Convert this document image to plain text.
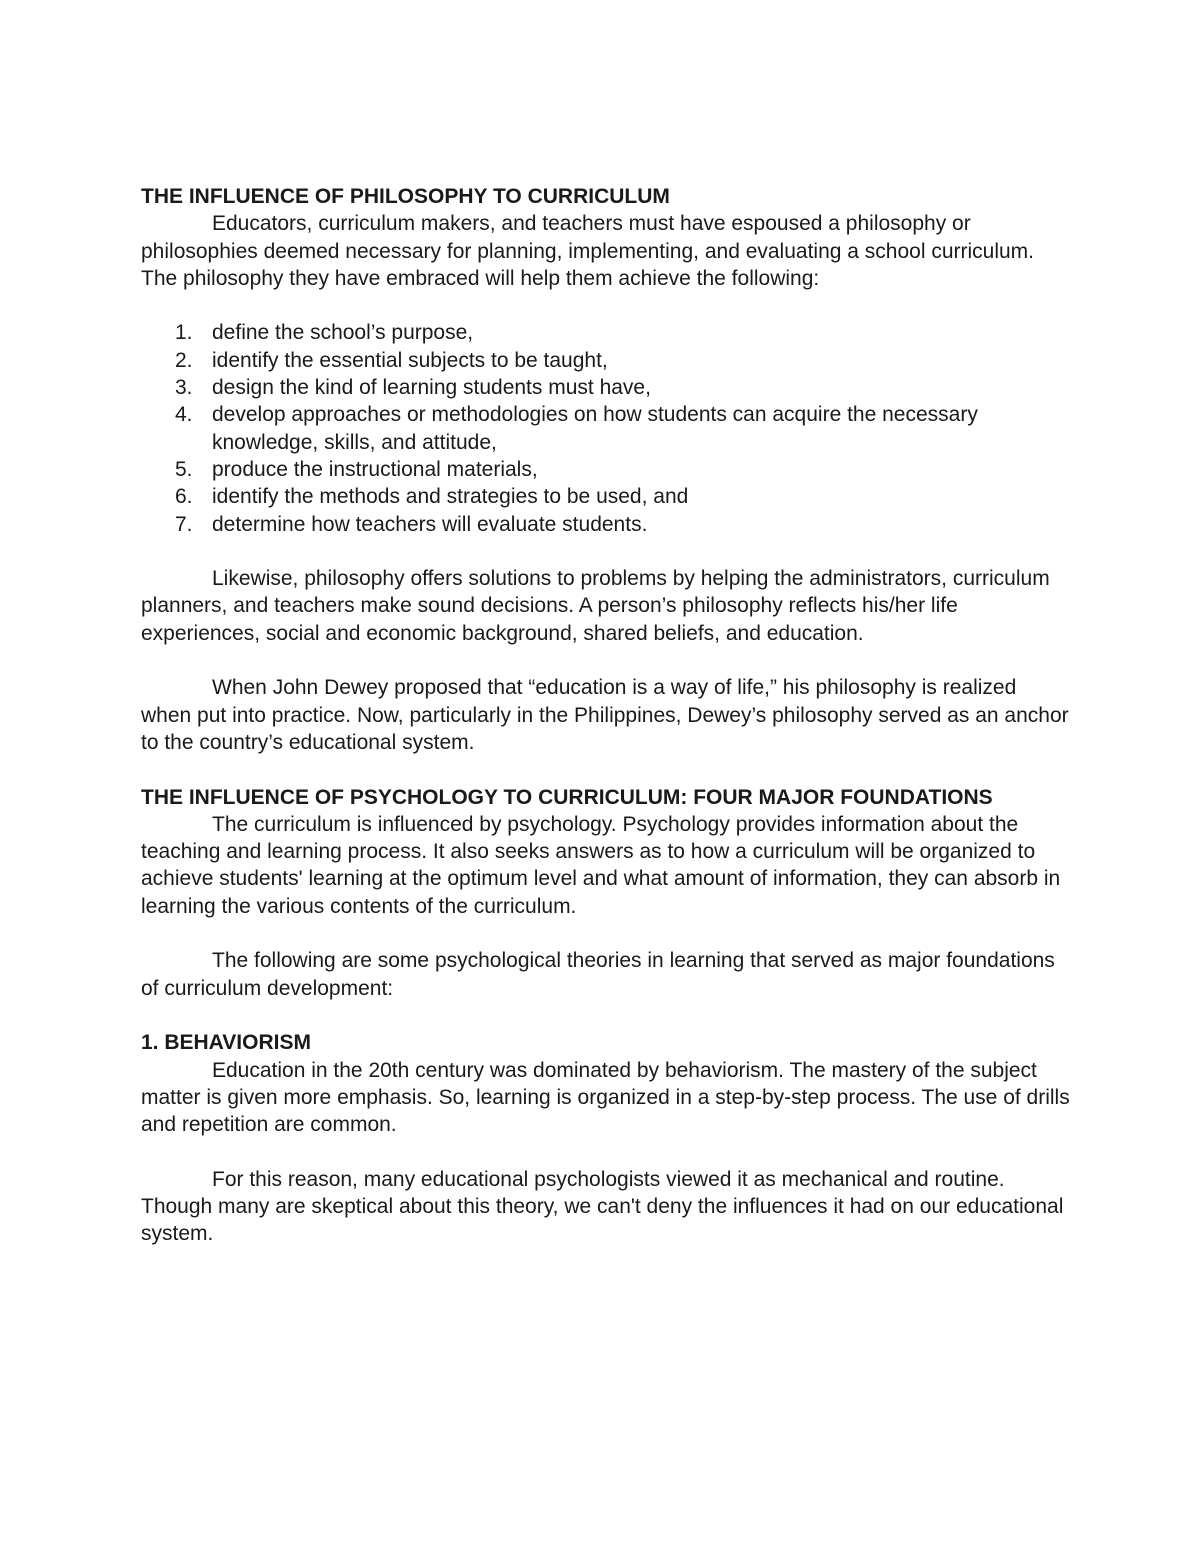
THE INFLUENCE OF PHILOSOPHY TO CURRICULUM

Educators, curriculum makers, and teachers must have espoused a philosophy or philosophies deemed necessary for planning, implementing, and evaluating a school curriculum. The philosophy they have embraced will help them achieve the following:

1. define the school’s purpose,
2. identify the essential subjects to be taught,
3. design the kind of learning students must have,
4. develop approaches or methodologies on how students can acquire the necessary knowledge, skills, and attitude,
5. produce the instructional materials,
6. identify the methods and strategies to be used, and
7. determine how teachers will evaluate students.

Likewise, philosophy offers solutions to problems by helping the administrators, curriculum planners, and teachers make sound decisions. A person’s philosophy reflects his/her life experiences, social and economic background, shared beliefs, and education.

When John Dewey proposed that “education is a way of life,” his philosophy is realized when put into practice. Now, particularly in the Philippines, Dewey’s philosophy served as an anchor to the country’s educational system.

THE INFLUENCE OF PSYCHOLOGY TO CURRICULUM: FOUR MAJOR FOUNDATIONS

The curriculum is influenced by psychology. Psychology provides information about the teaching and learning process. It also seeks answers as to how a curriculum will be organized to achieve students' learning at the optimum level and what amount of information, they can absorb in learning the various contents of the curriculum.

The following are some psychological theories in learning that served as major foundations of curriculum development:

1. BEHAVIORISM

Education in the 20th century was dominated by behaviorism. The mastery of the subject matter is given more emphasis. So, learning is organized in a step-by-step process. The use of drills and repetition are common.

For this reason, many educational psychologists viewed it as mechanical and routine. Though many are skeptical about this theory, we can't deny the influences it had on our educational system.
